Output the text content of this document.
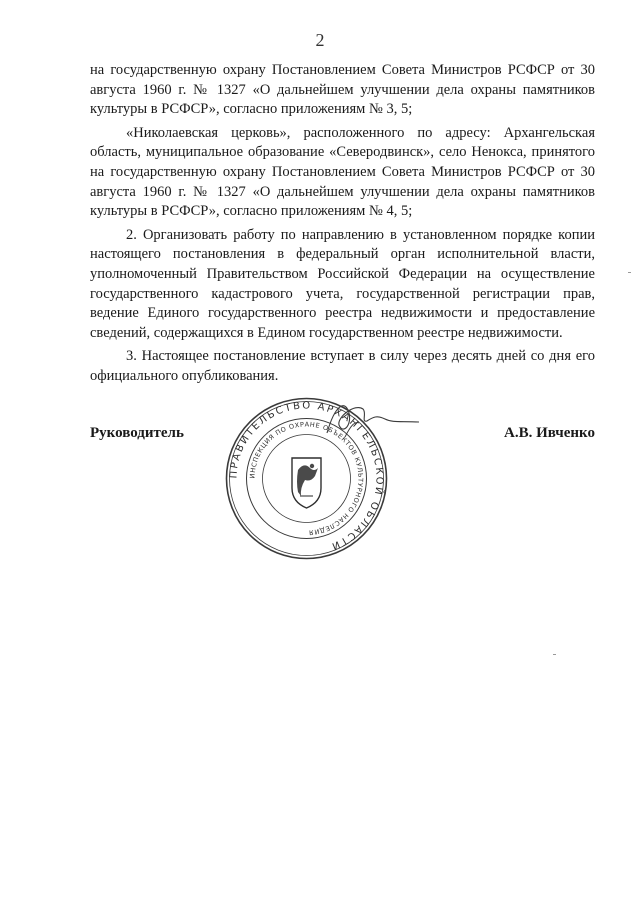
2

на государственную охрану Постановлением Совета Министров РСФСР от 30 августа 1960 г. № 1327 «О дальнейшем улучшении дела охраны памятников культуры в РСФСР», согласно приложениям № 3, 5;

«Николаевская церковь», расположенного по адресу: Архангельская область, муниципальное образование «Северодвинск», село Ненокса, принятого на государственную охрану Постановлением Совета Министров РСФСР от 30 августа 1960 г. № 1327 «О дальнейшем улучшении дела охраны памятников культуры в РСФСР», согласно приложениям № 4, 5;

2. Организовать работу по направлению в установленном порядке копии настоящего постановления в федеральный орган исполнительной власти, уполномоченный Правительством Российской Федерации на осуществление государственного кадастрового учета, государственной регистрации прав, ведение Единого государственного реестра недвижимости и предоставление сведений, содержащихся в Едином государственном реестре недвижимости.

3. Настоящее постановление вступает в силу через десять дней со дня его официального опубликования.

Руководитель	А.В. Ивченко
ПРАВИТЕЛЬСТВО АРХАНГЕЛЬСКОЙ ОБЛАСТИ
ИНСПЕКЦИЯ ПО ОХРАНЕ ОБЪЕКТОВ КУЛЬТУРНОГО НАСЛЕДИЯ
